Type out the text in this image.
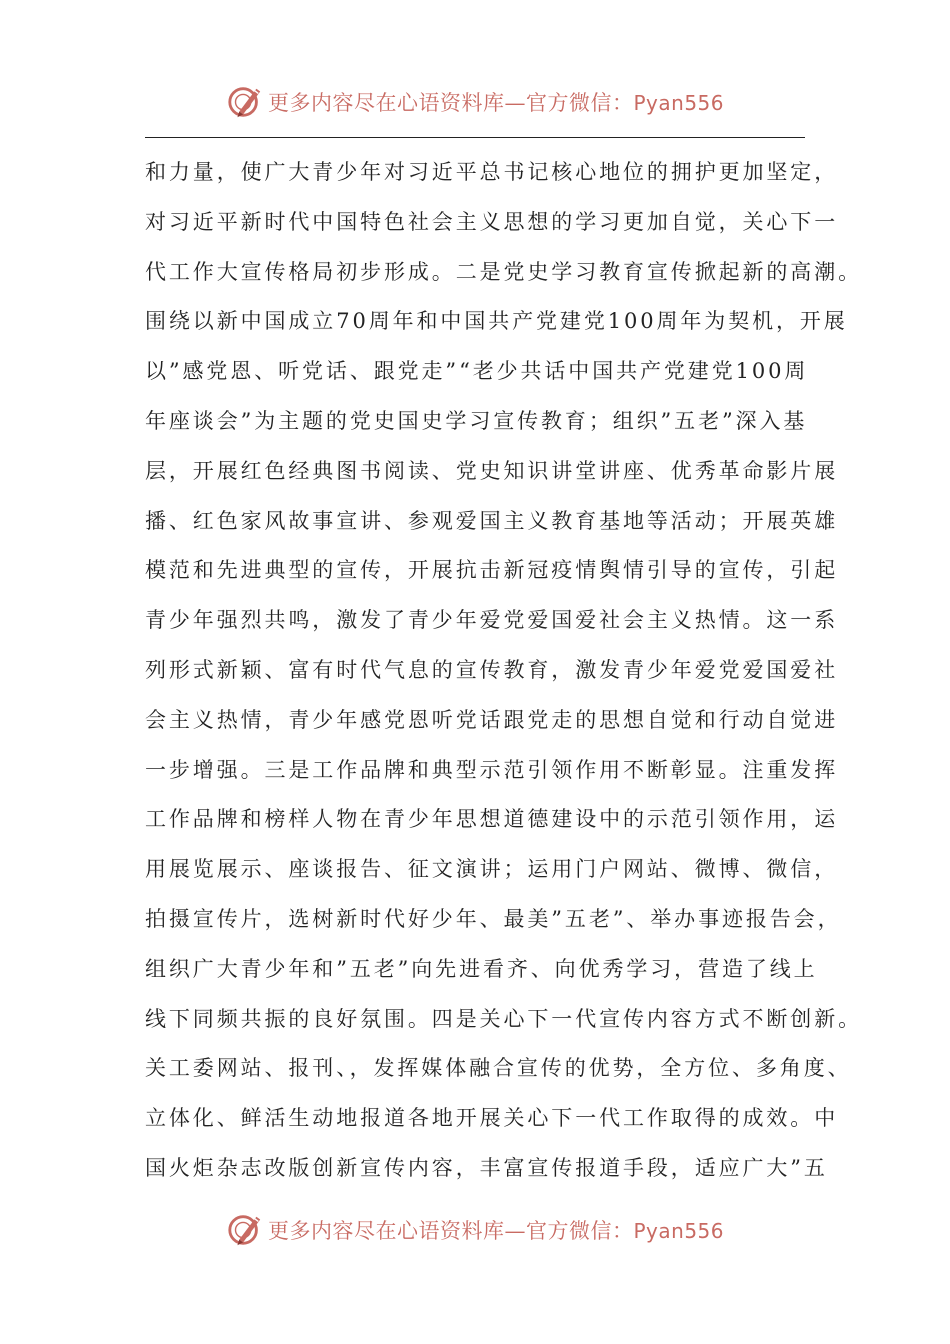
更多内容尽在心语资料库—官方微信：Pyan556
和力量，使广大青少年对习近平总书记核心地位的拥护更加坚定，
对习近平新时代中国特色社会主义思想的学习更加自觉，关心下一
代工作大宣传格局初步形成。二是党史学习教育宣传掀起新的高潮。
围绕以新中国成立70周年和中国共产党建党100周年为契机，开展
以”感党恩、听党话、跟党走”“老少共话中国共产党建党100周
年座谈会”为主题的党史国史学习宣传教育；组织”五老”深入基
层，开展红色经典图书阅读、党史知识讲堂讲座、优秀革命影片展
播、红色家风故事宣讲、参观爱国主义教育基地等活动；开展英雄
模范和先进典型的宣传，开展抗击新冠疫情舆情引导的宣传，引起
青少年强烈共鸣，激发了青少年爱党爱国爱社会主义热情。这一系
列形式新颖、富有时代气息的宣传教育，激发青少年爱党爱国爱社
会主义热情，青少年感党恩听党话跟党走的思想自觉和行动自觉进
一步增强。三是工作品牌和典型示范引领作用不断彰显。注重发挥
工作品牌和榜样人物在青少年思想道德建设中的示范引领作用，运
用展览展示、座谈报告、征文演讲；运用门户网站、微博、微信，
拍摄宣传片，选树新时代好少年、最美”五老”、举办事迹报告会，
组织广大青少年和”五老”向先进看齐、向优秀学习，营造了线上
线下同频共振的良好氛围。四是关心下一代宣传内容方式不断创新。
关工委网站、报刊、，发挥媒体融合宣传的优势，全方位、多角度、
立体化、鲜活生动地报道各地开展关心下一代工作取得的成效。中
国火炬杂志改版创新宣传内容，丰富宣传报道手段，适应广大”五
更多内容尽在心语资料库—官方微信：Pyan556
